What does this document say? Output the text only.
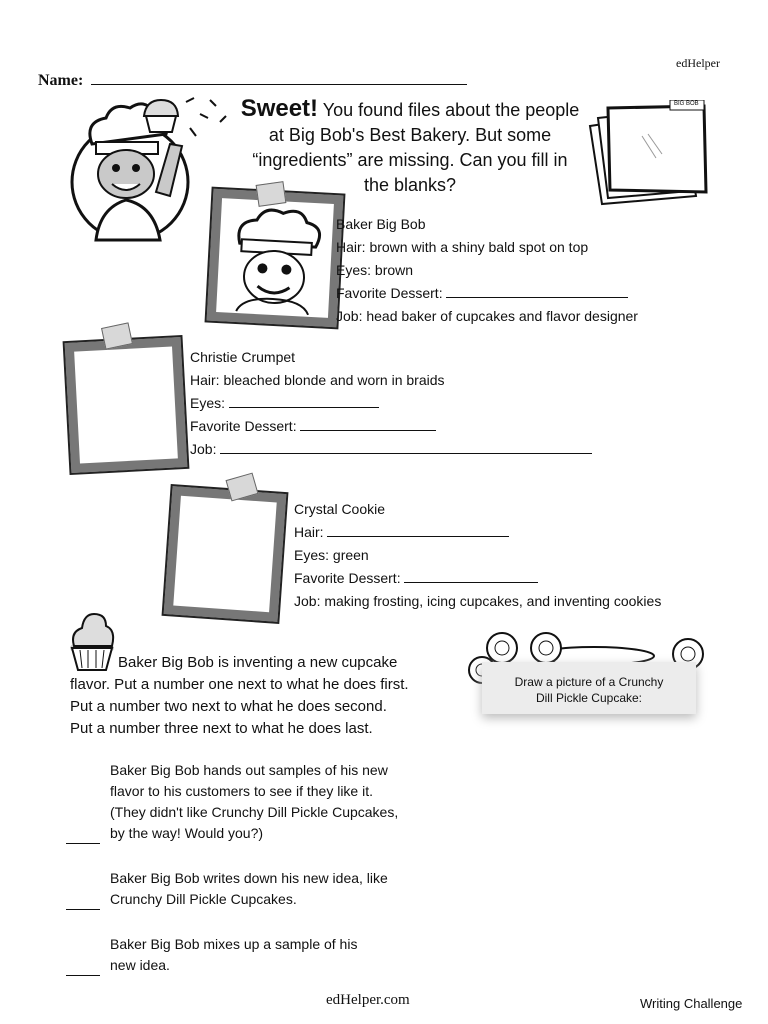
edHelper
Name:
Sweet! You found files about the people
at Big Bob's Best Bakery. But some
“ingredients” are missing. Can you fill in
the blanks?
BIG BOB
Baker Big Bob
Hair: brown with a shiny bald spot on top
Eyes: brown
Favorite Dessert:
Job: head baker of cupcakes and flavor designer
Christie Crumpet
Hair: bleached blonde and worn in braids
Eyes:
Favorite Dessert:
Job:
Crystal Cookie
Hair:
Eyes: green
Favorite Dessert:
Job: making frosting, icing cupcakes, and inventing cookies
Baker Big Bob is inventing a new cupcake
flavor. Put a number one next to what he does first.
Put a number two next to what he does second.
Put a number three next to what he does last.
Draw a picture of a Crunchy
Dill Pickle Cupcake:
Baker Big Bob hands out samples of his new
flavor to his customers to see if they like it.
(They didn't like Crunchy Dill Pickle Cupcakes,
by the way! Would you?)
Baker Big Bob writes down his new idea, like
Crunchy Dill Pickle Cupcakes.
Baker Big Bob mixes up a sample of his
new idea.
edHelper.com	Writing Challenge
